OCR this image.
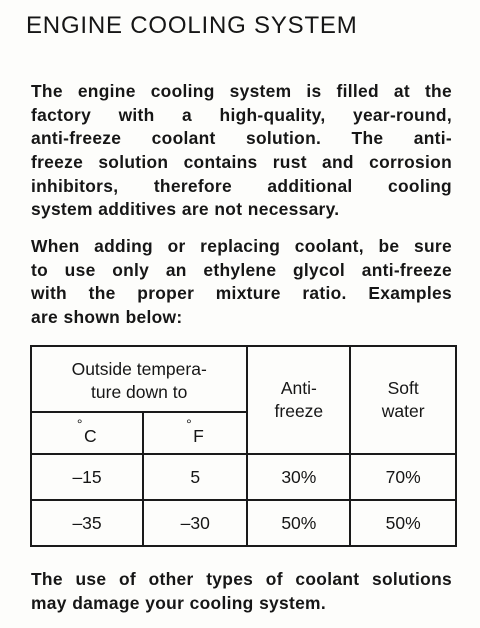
ENGINE COOLING SYSTEM
The engine cooling system is filled at the
factory with a high-quality, year-round,
anti-freeze coolant solution. The anti-
freeze solution contains rust and corrosion
inhibitors, therefore additional cooling
system additives are not necessary.
When adding or replacing coolant, be sure
to use only an ethylene glycol anti-freeze
with the proper mixture ratio. Examples
are shown below:
Outside tempera-
ture down to		Anti-
freeze	Soft
water

°C	°F		
–15	5	30%	70%
–35	–30	50%	50%
The use of other types of coolant solutions
may damage your cooling system.
